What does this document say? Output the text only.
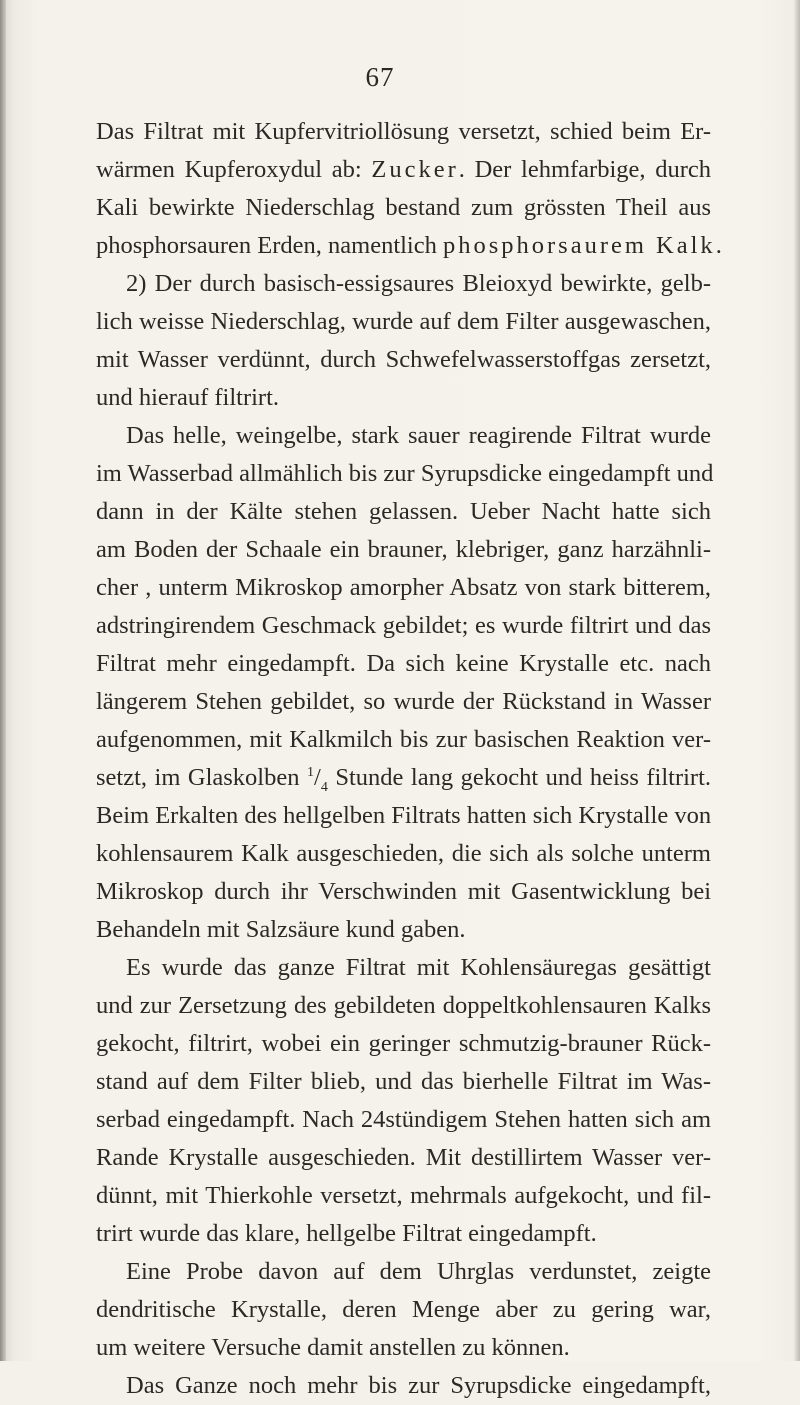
67
Das Filtrat mit Kupfervitriollösung versetzt, schied beim Er-
wärmen Kupferoxydul ab: Zucker. Der lehmfarbige, durch
Kali bewirkte Niederschlag bestand zum grössten Theil aus
phosphorsauren Erden, namentlich phosphorsaurem Kalk.
2) Der durch basisch-essigsaures Bleioxyd bewirkte, gelb-
lich weisse Niederschlag, wurde auf dem Filter ausgewaschen,
mit Wasser verdünnt, durch Schwefelwasserstoffgas zersetzt,
und hierauf filtrirt.
Das helle, weingelbe, stark sauer reagirende Filtrat wurde
im Wasserbad allmählich bis zur Syrupsdicke eingedampft und
dann in der Kälte stehen gelassen. Ueber Nacht hatte sich
am Boden der Schaale ein brauner, klebriger, ganz harzähnli-
cher , unterm Mikroskop amorpher Absatz von stark bitterem,
adstringirendem Geschmack gebildet; es wurde filtrirt und das
Filtrat mehr eingedampft. Da sich keine Krystalle etc. nach
längerem Stehen gebildet, so wurde der Rückstand in Wasser
aufgenommen, mit Kalkmilch bis zur basischen Reaktion ver-
setzt, im Glaskolben $^1/_4$ Stunde lang gekocht und heiss filtrirt.
Beim Erkalten des hellgelben Filtrats hatten sich Krystalle von
kohlensaurem Kalk ausgeschieden, die sich als solche unterm
Mikroskop durch ihr Verschwinden mit Gasentwicklung bei
Behandeln mit Salzsäure kund gaben.
Es wurde das ganze Filtrat mit Kohlensäuregas gesättigt
und zur Zersetzung des gebildeten doppeltkohlensauren Kalks
gekocht, filtrirt, wobei ein geringer schmutzig-brauner Rück-
stand auf dem Filter blieb, und das bierhelle Filtrat im Was-
serbad eingedampft. Nach 24stündigem Stehen hatten sich am
Rande Krystalle ausgeschieden. Mit destillirtem Wasser ver-
dünnt, mit Thierkohle versetzt, mehrmals aufgekocht, und fil-
trirt wurde das klare, hellgelbe Filtrat eingedampft.
Eine Probe davon auf dem Uhrglas verdunstet, zeigte
dendritische Krystalle, deren Menge aber zu gering war,
um weitere Versuche damit anstellen zu können.
Das Ganze noch mehr bis zur Syrupsdicke eingedampft,
